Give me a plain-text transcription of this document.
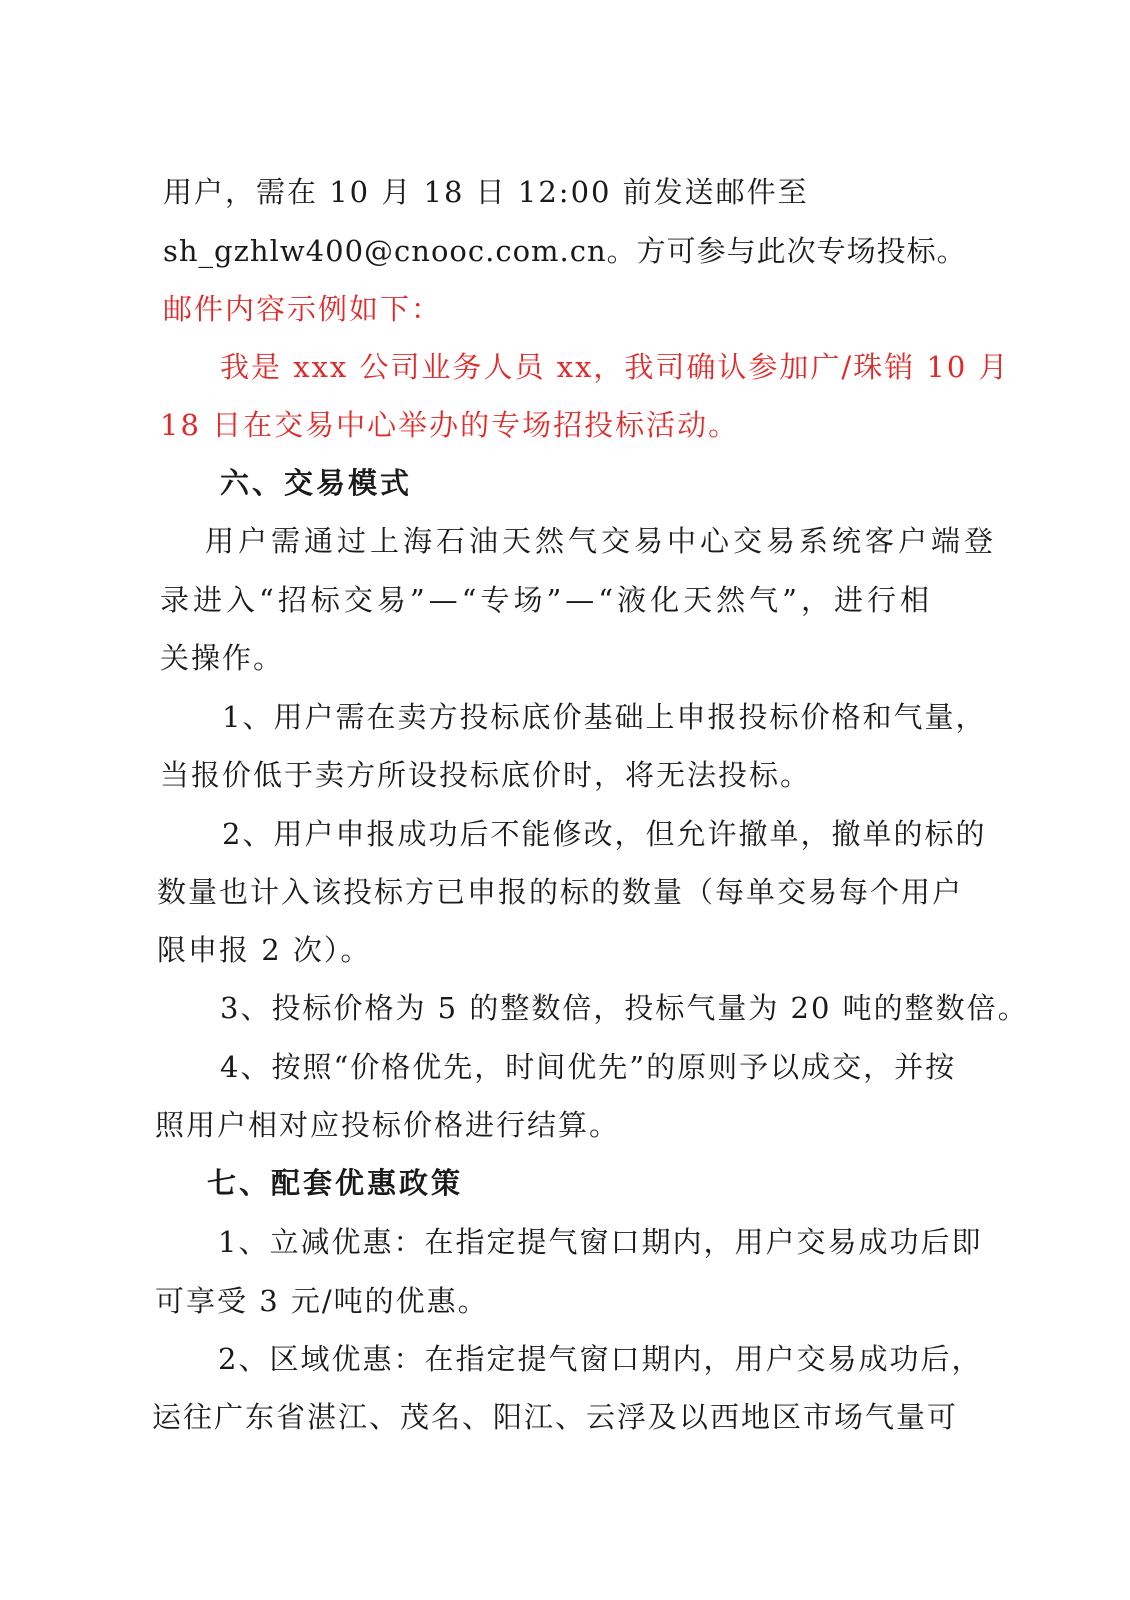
用户，需在 10 月 18 日 12:00 前发送邮件至
sh_gzhlw400@cnooc.com.cn。方可参与此次专场投标。
邮件内容示例如下：
我是 xxx 公司业务人员 xx，我司确认参加广/珠销 10 月
18 日在交易中心举办的专场招投标活动。
六、交易模式
用户需通过上海石油天然气交易中心交易系统客户端登
录进入“招标交易”—“专场”—“液化天然气”，进行相
关操作。
1、用户需在卖方投标底价基础上申报投标价格和气量，
当报价低于卖方所设投标底价时，将无法投标。
2、用户申报成功后不能修改，但允许撤单，撤单的标的
数量也计入该投标方已申报的标的数量（每单交易每个用户
限申报 2 次）。
3、投标价格为 5 的整数倍，投标气量为 20 吨的整数倍。
4、按照“价格优先，时间优先”的原则予以成交，并按
照用户相对应投标价格进行结算。
七、配套优惠政策
1、立减优惠：在指定提气窗口期内，用户交易成功后即
可享受 3 元/吨的优惠。
2、区域优惠：在指定提气窗口期内，用户交易成功后，
运往广东省湛江、茂名、阳江、云浮及以西地区市场气量可
